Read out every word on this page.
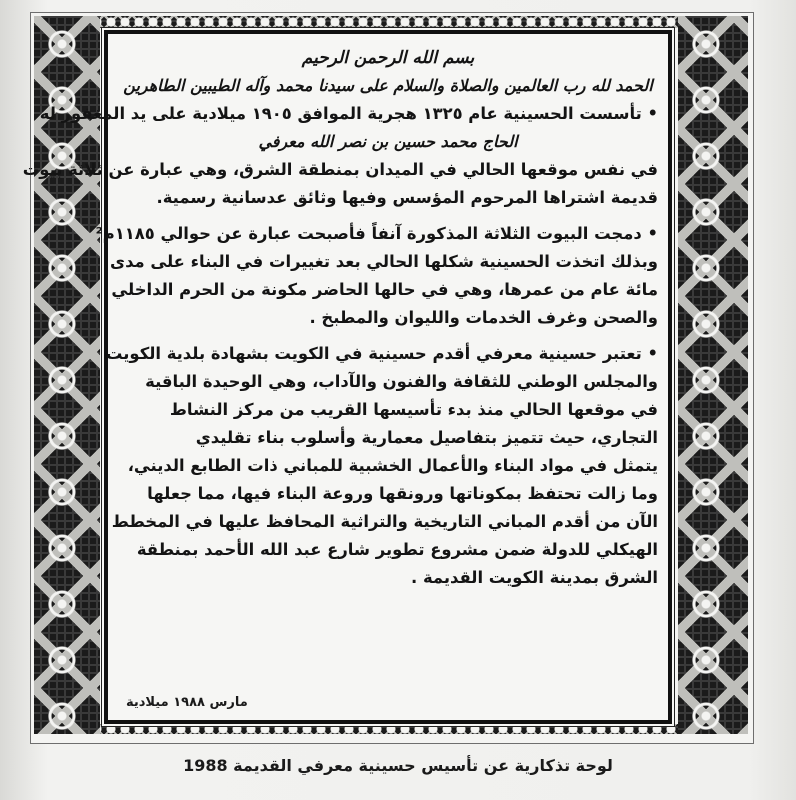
بسم الله الرحمن الرحيم
الحمد لله رب العالمين والصلاة والسلام على سيدنا محمد وآله الطيبين الطاهرين
• تأسست الحسينية عام ١٣٢٥ هجرية الموافق ١٩٠٥ ميلادية على يد المغفور له
الحاج محمد حسين بن نصر الله معرفي
في نفس موقعها الحالي في الميدان بمنطقة الشرق، وهي عبارة عن ثلاثة بيوت
قديمة اشتراها المرحوم المؤسس وفيها وثائق عدسانية رسمية.
• دمجت البيوت الثلاثة المذكورة آنفاً فأصبحت عبارة عن حوالي ١١٨٥م²
وبذلك اتخذت الحسينية شكلها الحالي بعد تغييرات في البناء على مدى
مائة عام من عمرها، وهي في حالها الحاضر مكونة من الحرم الداخلي
والصحن وغرف الخدمات والليوان والمطبخ .
• تعتبر حسينية معرفي أقدم حسينية في الكويت بشهادة بلدية الكويت
والمجلس الوطني للثقافة والفنون والآداب، وهي الوحيدة الباقية
في موقعها الحالي منذ بدء تأسيسها القريب من مركز النشاط
التجاري، حيث تتميز بتفاصيل معمارية وأسلوب بناء تقليدي
يتمثل في مواد البناء والأعمال الخشبية للمباني ذات الطابع الديني،
وما زالت تحتفظ بمكوناتها ورونقها وروعة البناء فيها، مما جعلها
الآن من أقدم المباني التاريخية والتراثية المحافظ عليها في المخطط
الهيكلي للدولة ضمن مشروع تطوير شارع عبد الله الأحمد بمنطقة
الشرق بمدينة الكويت القديمة .
مارس ١٩٨٨ ميلادية
لوحة تذكارية عن تأسيس حسينية معرفي القديمة 1988
